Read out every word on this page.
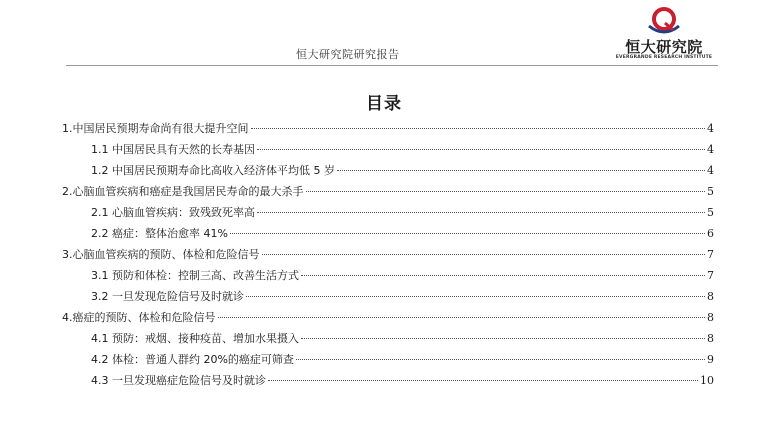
恒大研究院
EVERGRANDE RESEARCH INSTITUTE
恒大研究院研究报告
目录
1.中国居民预期寿命尚有很大提升空间	4
1.1 中国居民具有天然的长寿基因	4
1.2 中国居民预期寿命比高收入经济体平均低 5 岁	4
2.心脑血管疾病和癌症是我国居民寿命的最大杀手	5
2.1 心脑血管疾病：致残致死率高	5
2.2 癌症：整体治愈率 41%	6
3.心脑血管疾病的预防、体检和危险信号	7
3.1 预防和体检：控制三高、改善生活方式	7
3.2 一旦发现危险信号及时就诊	8
4.癌症的预防、体检和危险信号	8
4.1 预防：戒烟、接种疫苗、增加水果摄入	8
4.2 体检：普通人群约 20%的癌症可筛查	9
4.3 一旦发现癌症危险信号及时就诊	10
